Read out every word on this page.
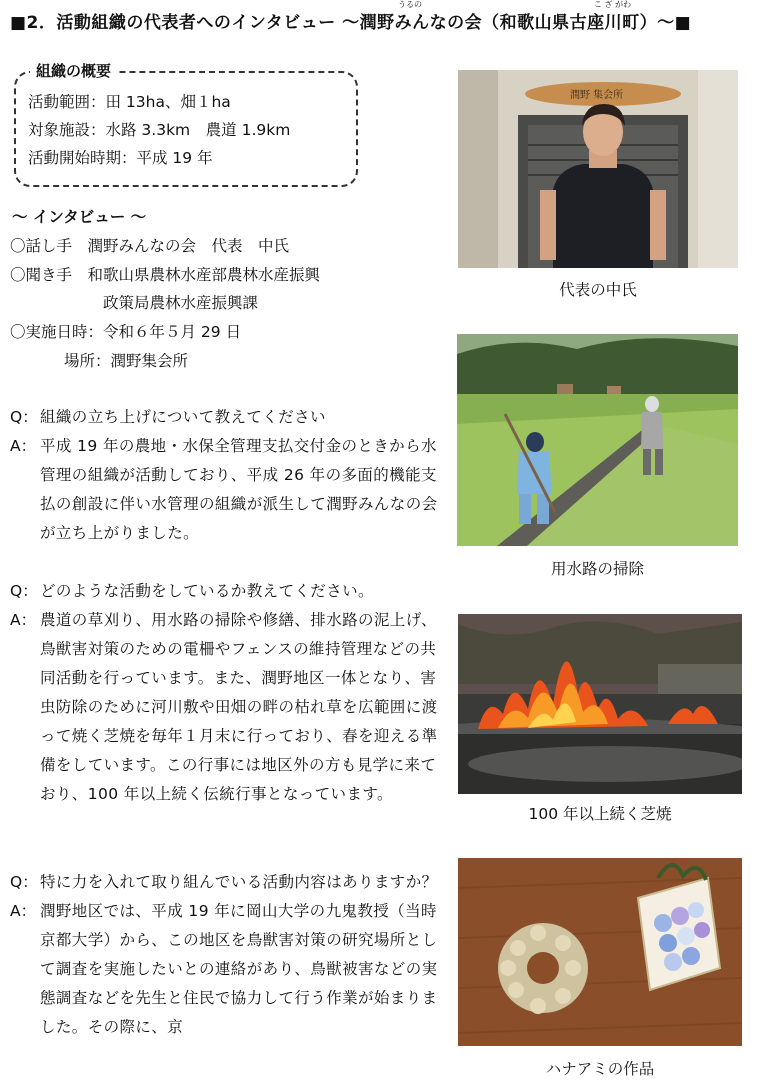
■2．活動組織の代表者へのインタビュー ～潤野みんなの会（和歌山県古座川町）～■
うるの	こ ざ がわ
組織の概要
活動範囲：田 13ha、畑１ha
対象施設：水路 3.3km　農道 1.9km
活動開始時期：平成 19 年
～ インタビュー ～
〇話し手　潤野みんなの会　代表　中氏
〇聞き手　和歌山県農林水産部農林水産振興
政策局農林水産振興課
〇実施日時：令和６年５月 29 日
場所：潤野集会所
Q： 組織の立ち上げについて教えてください
A： 平成 19 年の農地・水保全管理支払交付金のときから水管理の組織が活動しており、平成 26 年の多面的機能支払の創設に伴い水管理の組織が派生して潤野みんなの会が立ち上がりました。
Q： どのような活動をしているか教えてください。
A： 農道の草刈り、用水路の掃除や修繕、排水路の泥上げ、鳥獣害対策のための電柵やフェンスの維持管理などの共同活動を行っています。また、潤野地区一体となり、害虫防除のために河川敷や田畑の畔の枯れ草を広範囲に渡って焼く芝焼を毎年１月末に行っており、春を迎える準備をしています。この行事には地区外の方も見学に来ており、100 年以上続く伝統行事となっています。
Q： 特に力を入れて取り組んでいる活動内容はありますか？
A： 潤野地区では、平成 19 年に岡山大学の九鬼教授（当時京都大学）から、この地区を鳥獣害対策の研究場所として調査を実施したいとの連絡があり、鳥獣被害などの実態調査などを先生と住民で協力して行う作業が始まりました。その際に、京
潤野 集会所
代表の中氏
用水路の掃除
100 年以上続く芝焼
ハナアミの作品
